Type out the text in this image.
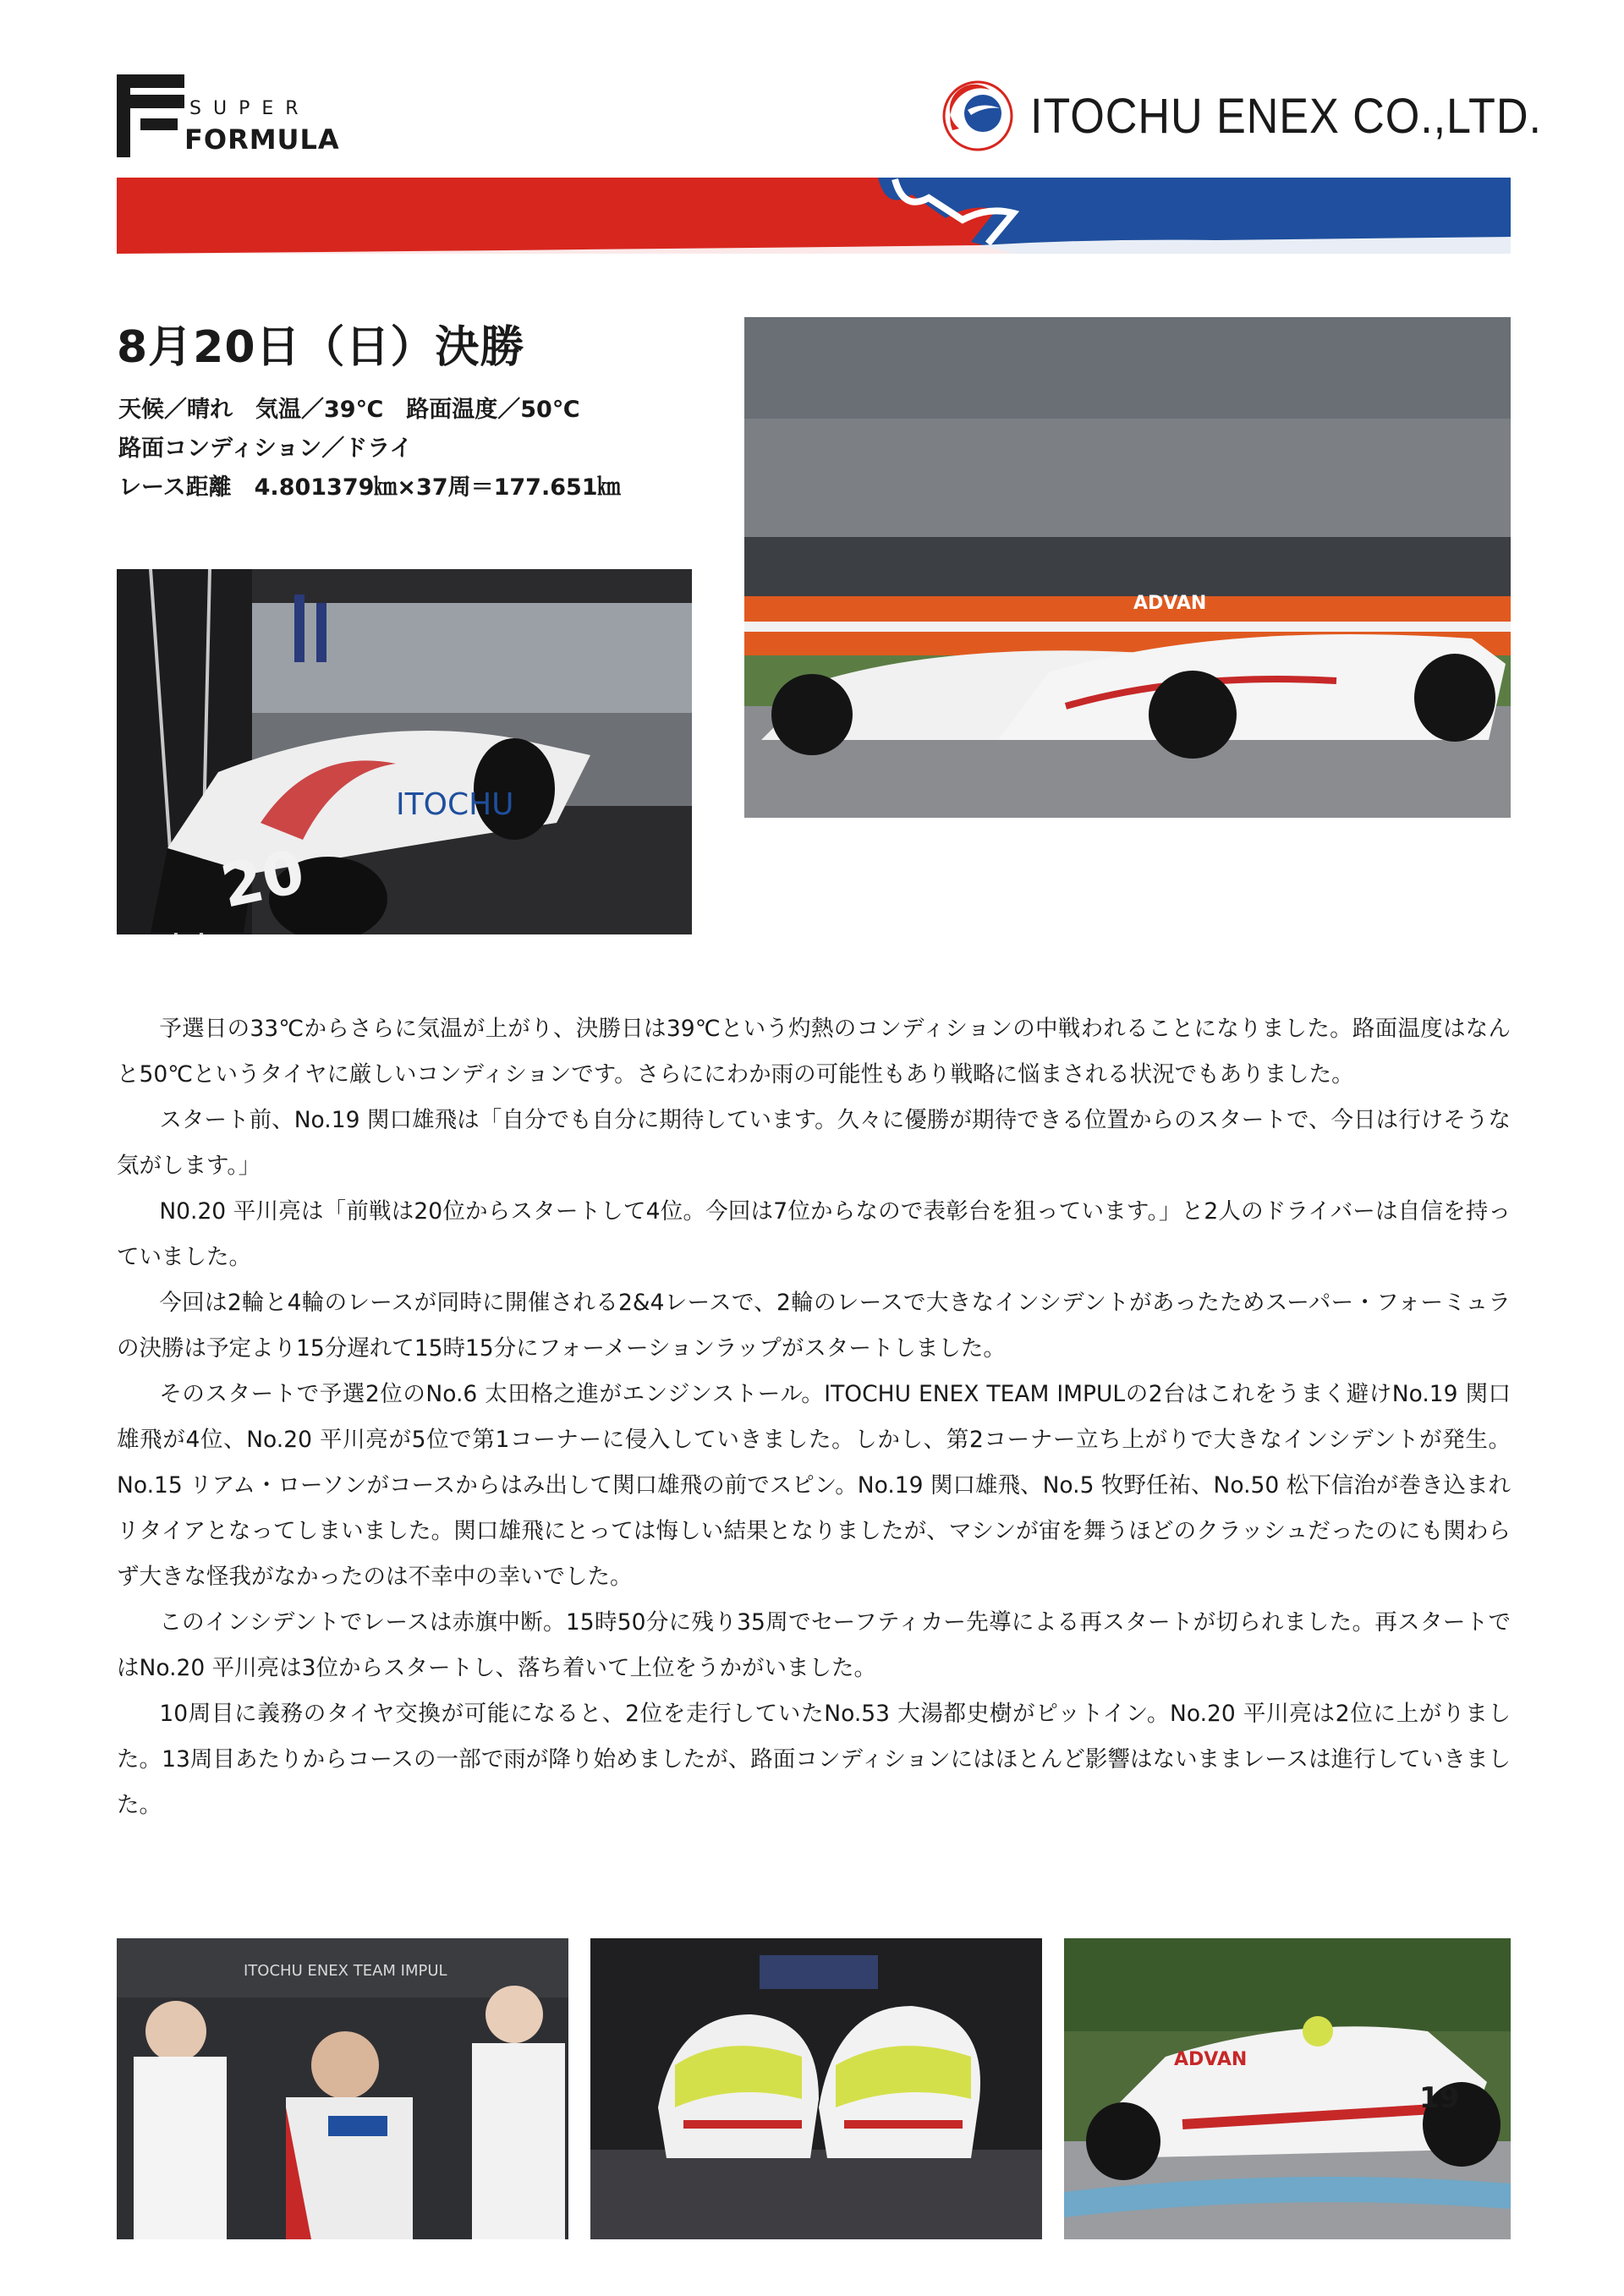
SUPER
FORMULA	ITOCHU ENEX CO.,LTD.
8月20日（日）決勝
天候／晴れ　気温／39℃　路面温度／50℃
路面コンディション／ドライ
レース距離　4.801379㎞×37周＝177.651㎞
20
ITOCHU
ADVAN

予選日の33℃からさらに気温が上がり、決勝日は39℃という灼熱のコンディションの中戦われることになりました。路面温度はなんと50℃というタイヤに厳しいコンディションです。さらににわか雨の可能性もあり戦略に悩まされる状況でもありました。

スタート前、No.19 関口雄飛は「自分でも自分に期待しています。久々に優勝が期待できる位置からのスタートで、今日は行けそうな気がします。」

N0.20 平川亮は「前戦は20位からスタートして4位。今回は7位からなので表彰台を狙っています。」と2人のドライバーは自信を持っていました。

今回は2輪と4輪のレースが同時に開催される2&4レースで、2輪のレースで大きなインシデントがあったためスーパー・フォーミュラの決勝は予定より15分遅れて15時15分にフォーメーションラップがスタートしました。

そのスタートで予選2位のNo.6 太田格之進がエンジンストール。ITOCHU ENEX TEAM IMPULの2台はこれをうまく避けNo.19 関口雄飛が4位、No.20 平川亮が5位で第1コーナーに侵入していきました。しかし、第2コーナー立ち上がりで大きなインシデントが発生。No.15 リアム・ローソンがコースからはみ出して関口雄飛の前でスピン。No.19 関口雄飛、No.5 牧野任祐、No.50 松下信治が巻き込まれリタイアとなってしまいました。関口雄飛にとっては悔しい結果となりましたが、マシンが宙を舞うほどのクラッシュだったのにも関わらず大きな怪我がなかったのは不幸中の幸いでした。

このインシデントでレースは赤旗中断。15時50分に残り35周でセーフティカー先導による再スタートが切られました。再スタートではNo.20 平川亮は3位からスタートし、落ち着いて上位をうかがいました。

10周目に義務のタイヤ交換が可能になると、2位を走行していたNo.53 大湯都史樹がピットイン。No.20 平川亮は2位に上がりました。13周目あたりからコースの一部で雨が降り始めましたが、路面コンディションにはほとんど影響はないままレースは進行していきました。

ITOCHU ENEX TEAM IMPUL
ADVAN
19
